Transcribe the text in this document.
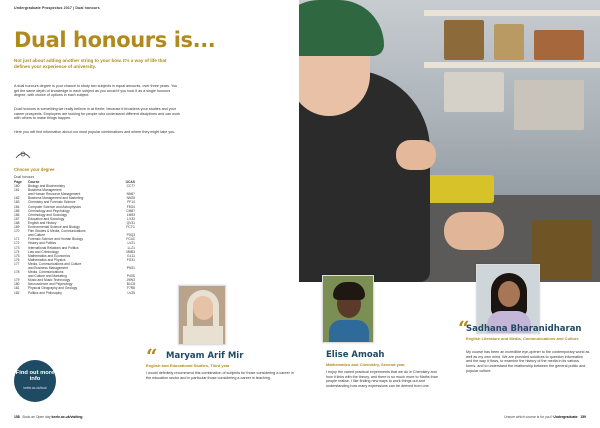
Undergraduate Prospectus 2017 | Dual honours
Dual honours is...
Not just about adding another string to your bow. It’s a way of life that defines your experience of university.
A dual honours degree is your chance to study two subjects in equal amounts, over three years. You get the same depth of knowledge in each subject as you would if you took it as a single honours degree, with choice of options in each subject.
Dual honours is something we really believe in at Keele, because it broadens your studies and your career prospects. Employers are looking for people who understand different disciplines and can work with others to make things happen.
Here you will find information about our most popular combinations and where they might take you.
Choose your degree
Dual honours
Page	Course	UCAS
160	Biology and Biochemistry	CC7?
161	Business Management	
	and Human Resource Management	NN6?
162	Business Management and Marketing	NN25
163	Chemistry and Forensic Science	FF14
164	Computer Science and Astrophysics	F5G4
165	Criminology and Psychology	CM8?
166	Criminology and Sociology	LM93
167	Education and Sociology	LX33
168	English and History	QV31
169	Environmental Science and Biology	FC7C
170	Film Studies & Media, Communications	
	and Culture	P3Q3
171	Forensic Science and Human Biology	FC4C
172	History and Politics	LV21
173	International Relations and Politics	LL21
174	Law and Criminology	M8B3
175	Mathematics and Economics	GL11
176	Mathematics and Physics	FG31
177	Media, Communications and Culture	
	and Business Management	PN31
178	Media, Communications	
	and Culture and Marketing	P40S
179	Music and Music Technology	J9W3
180	Neuroscience and Psychology	B1C8
181	Physical Geography and Geology	F7R8
182	Politics and Philosophy	LV25
Find out more info
keele.ac.uk/dual
158 Book an Open day keele.ac.uk/visiting
“ Maryam Arif Mir
English and Educational Studies, Third year
I would definitely recommend this combination of subjects for those considering a career in the education sector and in particular those considering a career in teaching.
Elise Amoah
Mathematics and Chemistry, Second year
I enjoy the varied practical experiments that we do in Chemistry and how it links with the theory, and there is so much more to Maths than people realise. I like finding new ways to work things out and understanding how many expressions can be derived from one.
“
Sadhana Bharanidharan
English Literature and Media, Communications and Culture
My course has been an incredible eye-opener to the contemporary world as well as my own mind. We are provided solutions to question information and the way it flows, to examine the history of the media in its various forms, and to understand the relationship between the general public and popular culture.
Unsure which course is for you? Undergraduate 159
